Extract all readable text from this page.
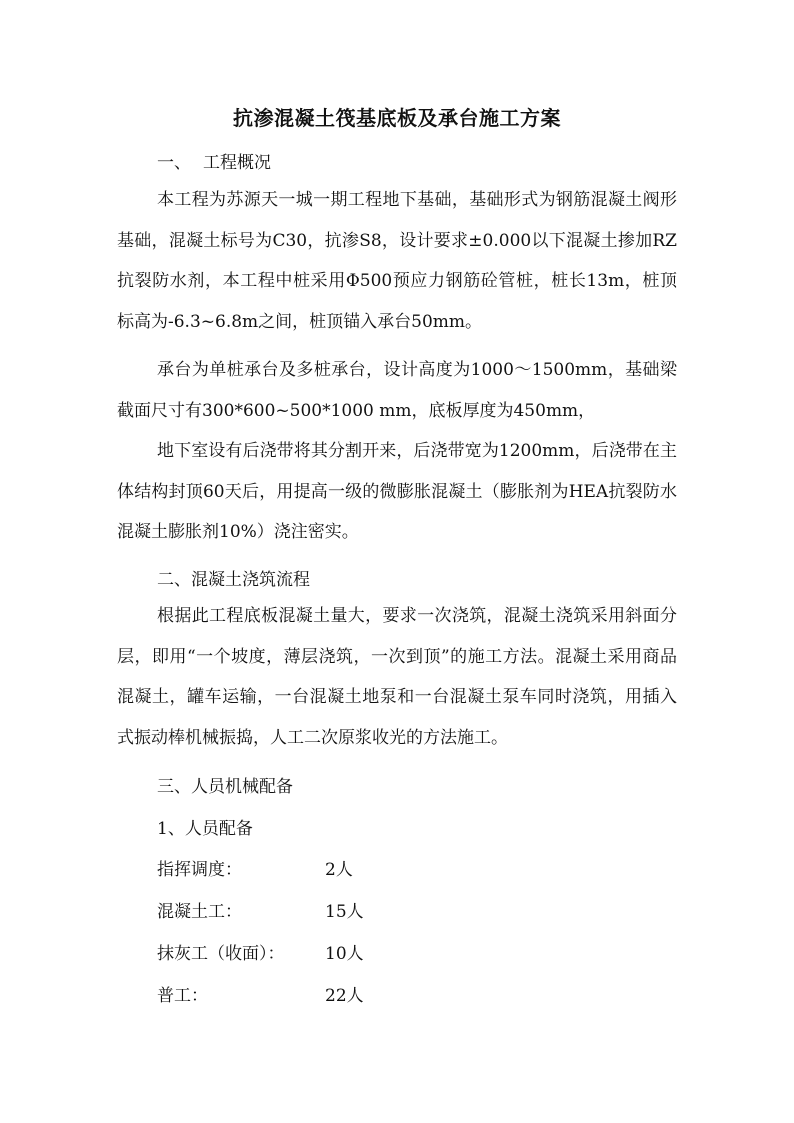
抗渗混凝土筏基底板及承台施工方案
一、 工程概况

本工程为苏源天一城一期工程地下基础，基础形式为钢筋混凝土阀形基础，混凝土标号为C30，抗渗S8，设计要求±0.000以下混凝土掺加RZ抗裂防水剂，本工程中桩采用Φ500预应力钢筋砼管桩，桩长13m，桩顶标高为-6.3~6.8m之间，桩顶锚入承台50mm。

承台为单桩承台及多桩承台，设计高度为1000～1500mm，基础梁截面尺寸有300*600~500*1000 mm，底板厚度为450mm，

地下室设有后浇带将其分割开来，后浇带宽为1200mm，后浇带在主体结构封顶60天后，用提高一级的微膨胀混凝土（膨胀剂为HEA抗裂防水混凝土膨胀剂10%）浇注密实。

二、混凝土浇筑流程

根据此工程底板混凝土量大，要求一次浇筑，混凝土浇筑采用斜面分层，即用“一个坡度，薄层浇筑，一次到顶”的施工方法。混凝土采用商品混凝土，罐车运输，一台混凝土地泵和一台混凝土泵车同时浇筑，用插入式振动棒机械振捣，人工二次原浆收光的方法施工。

三、人员机械配备
1、人员配备
指挥调度：	2人
混凝土工：	15人
抹灰工（收面）： 10人
普工：	22人
